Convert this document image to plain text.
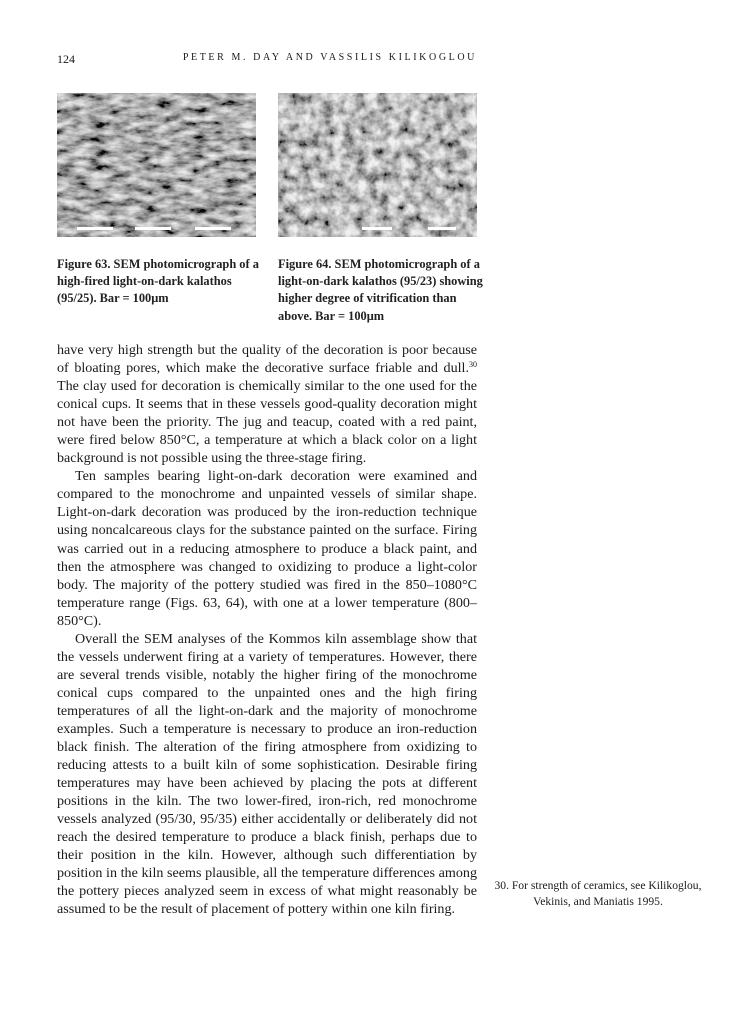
124	PETER M. DAY AND VASSILIS KILIKOGLOU
Figure 63. SEM photomicrograph of a high-fired light-on-dark kalathos (95/25). Bar = 100μm
Figure 64. SEM photomicrograph of a light-on-dark kalathos (95/23) showing higher degree of vitrification than above. Bar = 100μm

have very high strength but the quality of the decoration is poor because of bloating pores, which make the decorative surface friable and dull.$^{30}$ The clay used for decoration is chemically similar to the one used for the conical cups. It seems that in these vessels good-quality decoration might not have been the priority. The jug and teacup, coated with a red paint, were fired below 850°C, a temperature at which a black color on a light background is not possible using the three-stage firing.

Ten samples bearing light-on-dark decoration were examined and compared to the monochrome and unpainted vessels of similar shape. Light-on-dark decoration was produced by the iron-reduction technique using noncalcareous clays for the substance painted on the surface. Firing was carried out in a reducing atmosphere to produce a black paint, and then the atmosphere was changed to oxidizing to produce a light-color body. The majority of the pottery studied was fired in the 850–1080°C temperature range (Figs. 63, 64), with one at a lower temperature (800–850°C).

Overall the SEM analyses of the Kommos kiln assemblage show that the vessels underwent firing at a variety of temperatures. However, there are several trends visible, notably the higher firing of the monochrome conical cups compared to the unpainted ones and the high firing temperatures of all the light-on-dark and the majority of monochrome examples. Such a temperature is necessary to produce an iron-reduction black finish. The alteration of the firing atmosphere from oxidizing to reducing attests to a built kiln of some sophistication. Desirable firing temperatures may have been achieved by placing the pots at different positions in the kiln. The two lower-fired, iron-rich, red monochrome vessels analyzed (95/30, 95/35) either accidentally or deliberately did not reach the desired temperature to produce a black finish, perhaps due to their position in the kiln. However, although such differentiation by position in the kiln seems plausible, all the temperature differences among the pottery pieces analyzed seem in excess of what might reasonably be assumed to be the result of placement of pottery within one kiln firing.

30. For strength of ceramics, see Kilikoglou, Vekinis, and Maniatis 1995.
